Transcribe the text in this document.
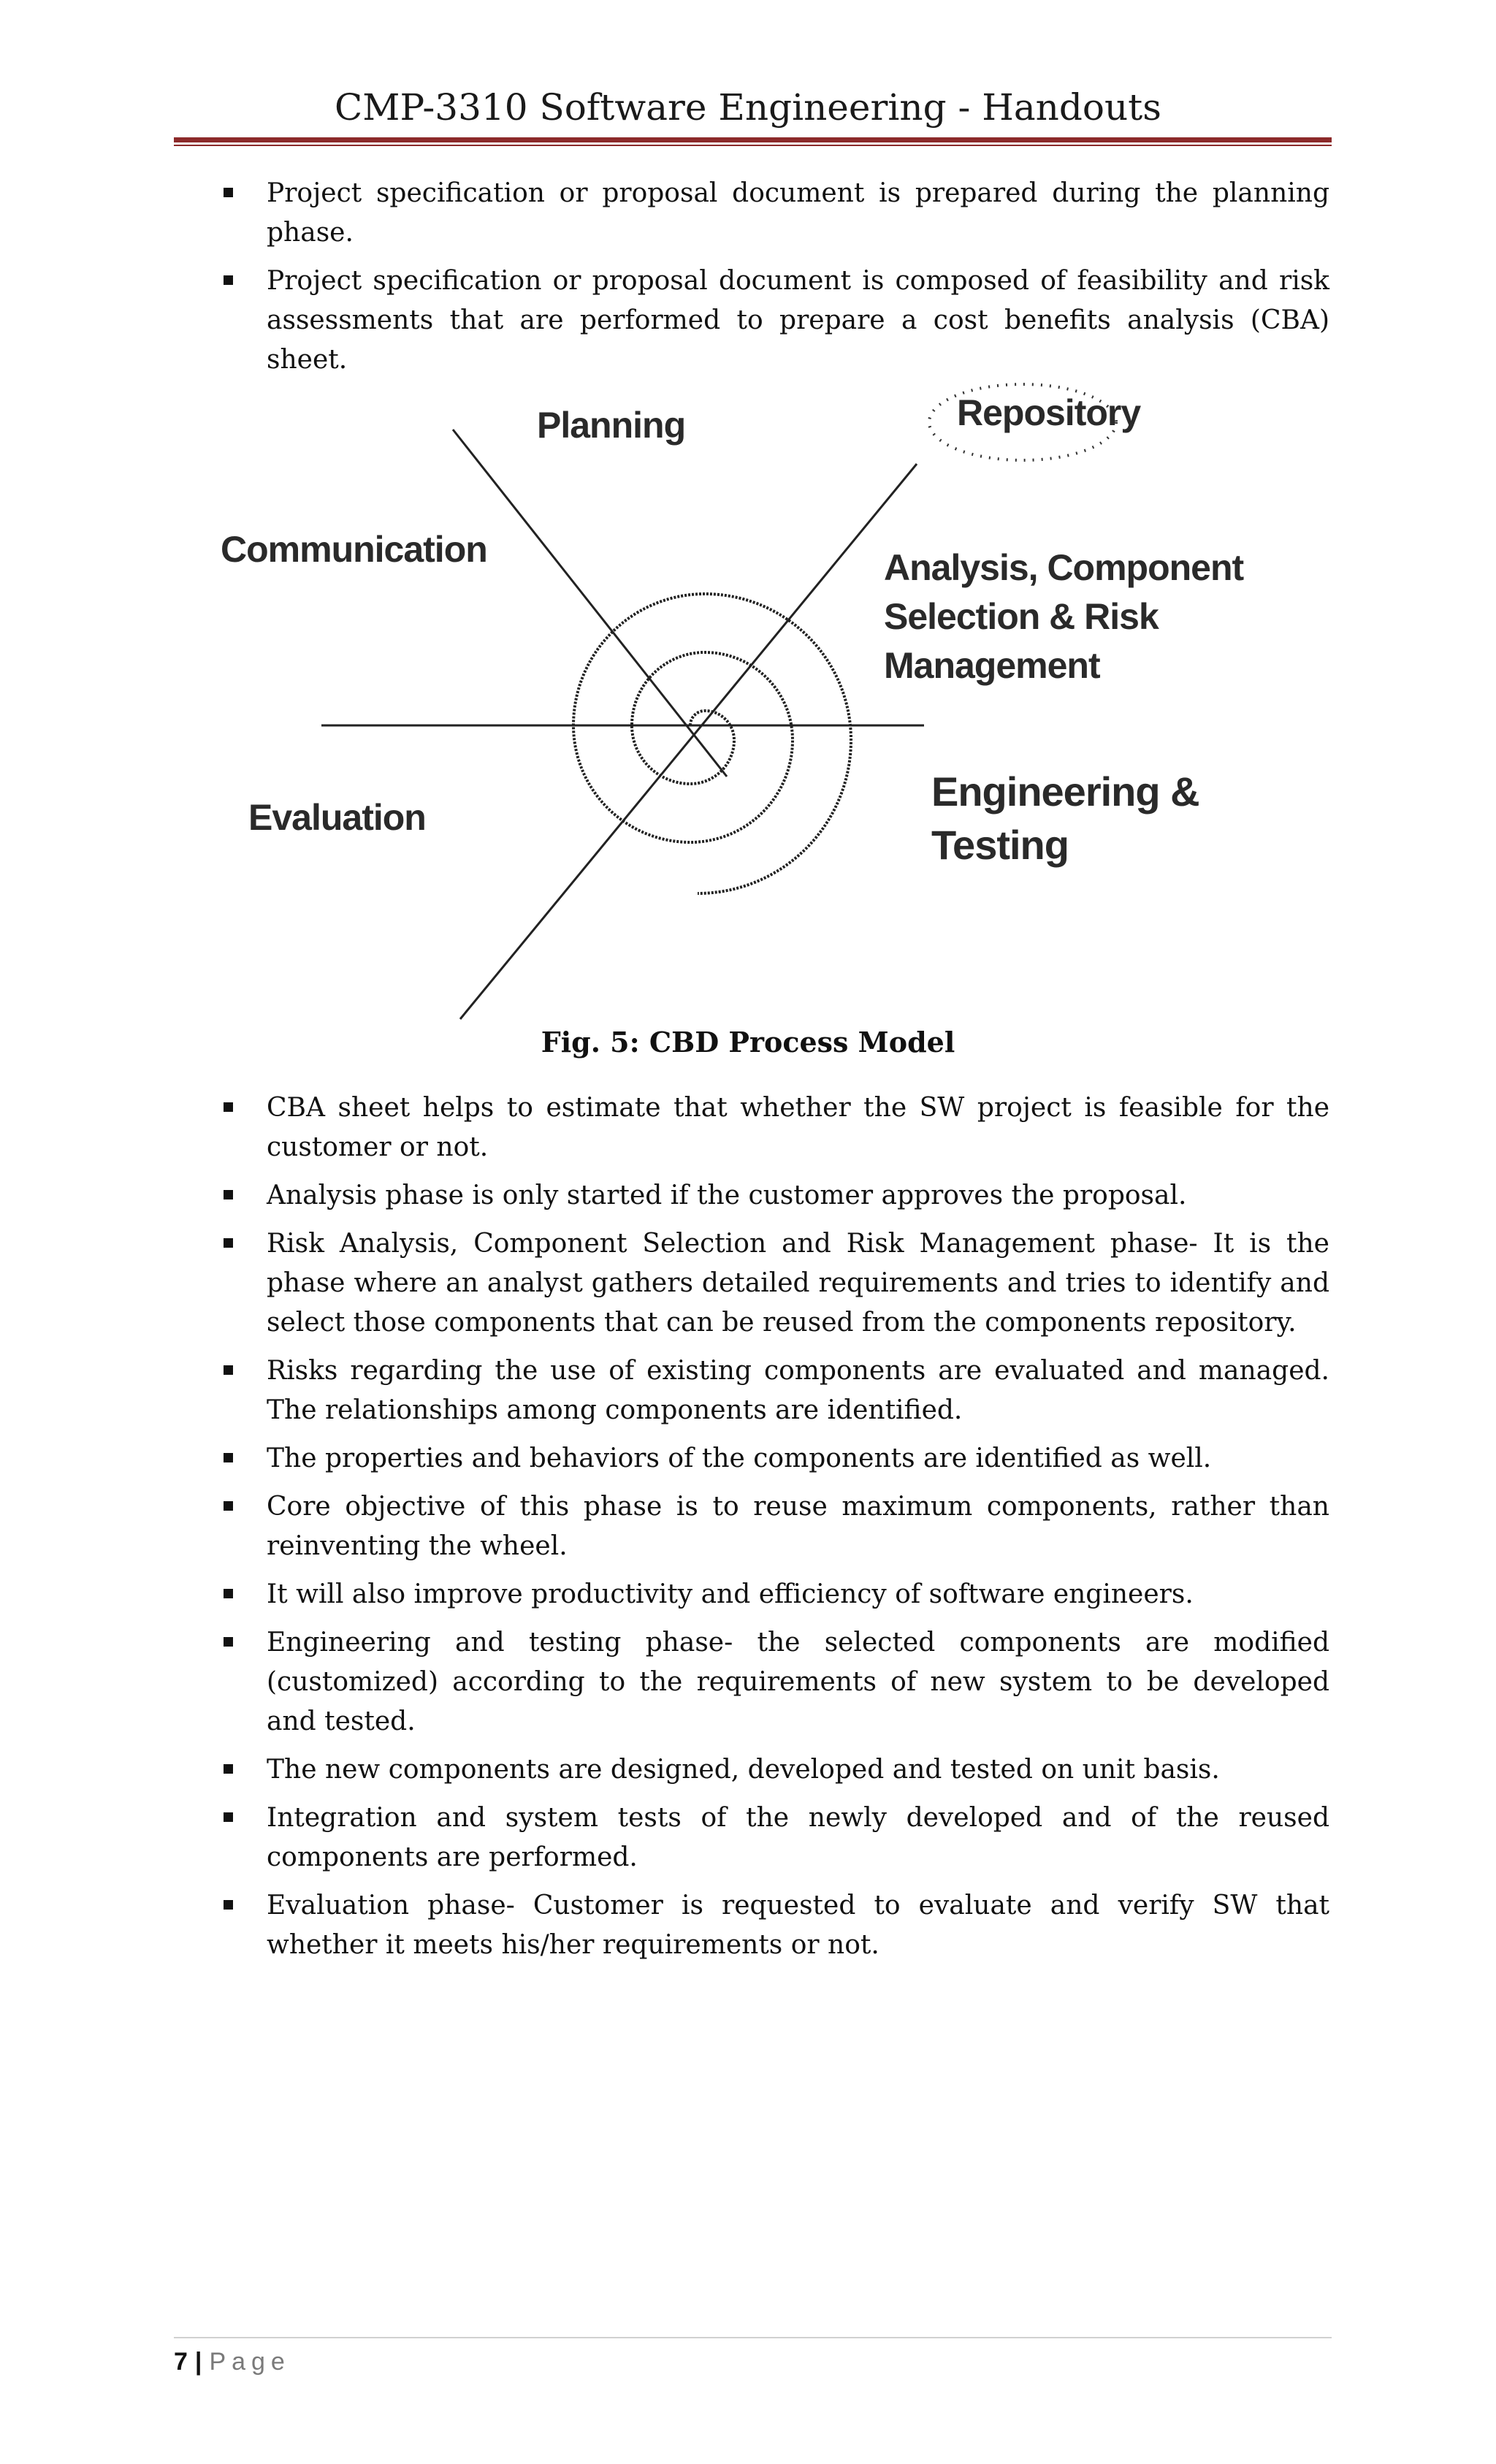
CMP-3310 Software Engineering - Handouts
Project specification or proposal document is prepared during the planning phase.
Project specification or proposal document is composed of feasibility and risk assessments that are performed to prepare a cost benefits analysis (CBA) sheet.
Planning	Repository
Communication	Analysis, Component
Selection & Risk
Management
Evaluation
Engineering &
Testing
Fig. 5: CBD Process Model
CBA sheet helps to estimate that whether the SW project is feasible for the customer or not.
Analysis phase is only started if the customer approves the proposal.
Risk Analysis, Component Selection and Risk Management phase- It is the phase where an analyst gathers detailed requirements and tries to identify and select those components that can be reused from the components repository.
Risks regarding the use of existing components are evaluated and managed. The relationships among components are identified.
The properties and behaviors of the components are identified as well.
Core objective of this phase is to reuse maximum components, rather than reinventing the wheel.
It will also improve productivity and efficiency of software engineers.
Engineering and testing phase- the selected components are modified (customized) according to the requirements of new system to be developed and tested.
The new components are designed, developed and tested on unit basis.
Integration and system tests of the newly developed and of the reused components are performed.
Evaluation phase- Customer is requested to evaluate and verify SW that whether it meets his/her requirements or not.
7 | Page
